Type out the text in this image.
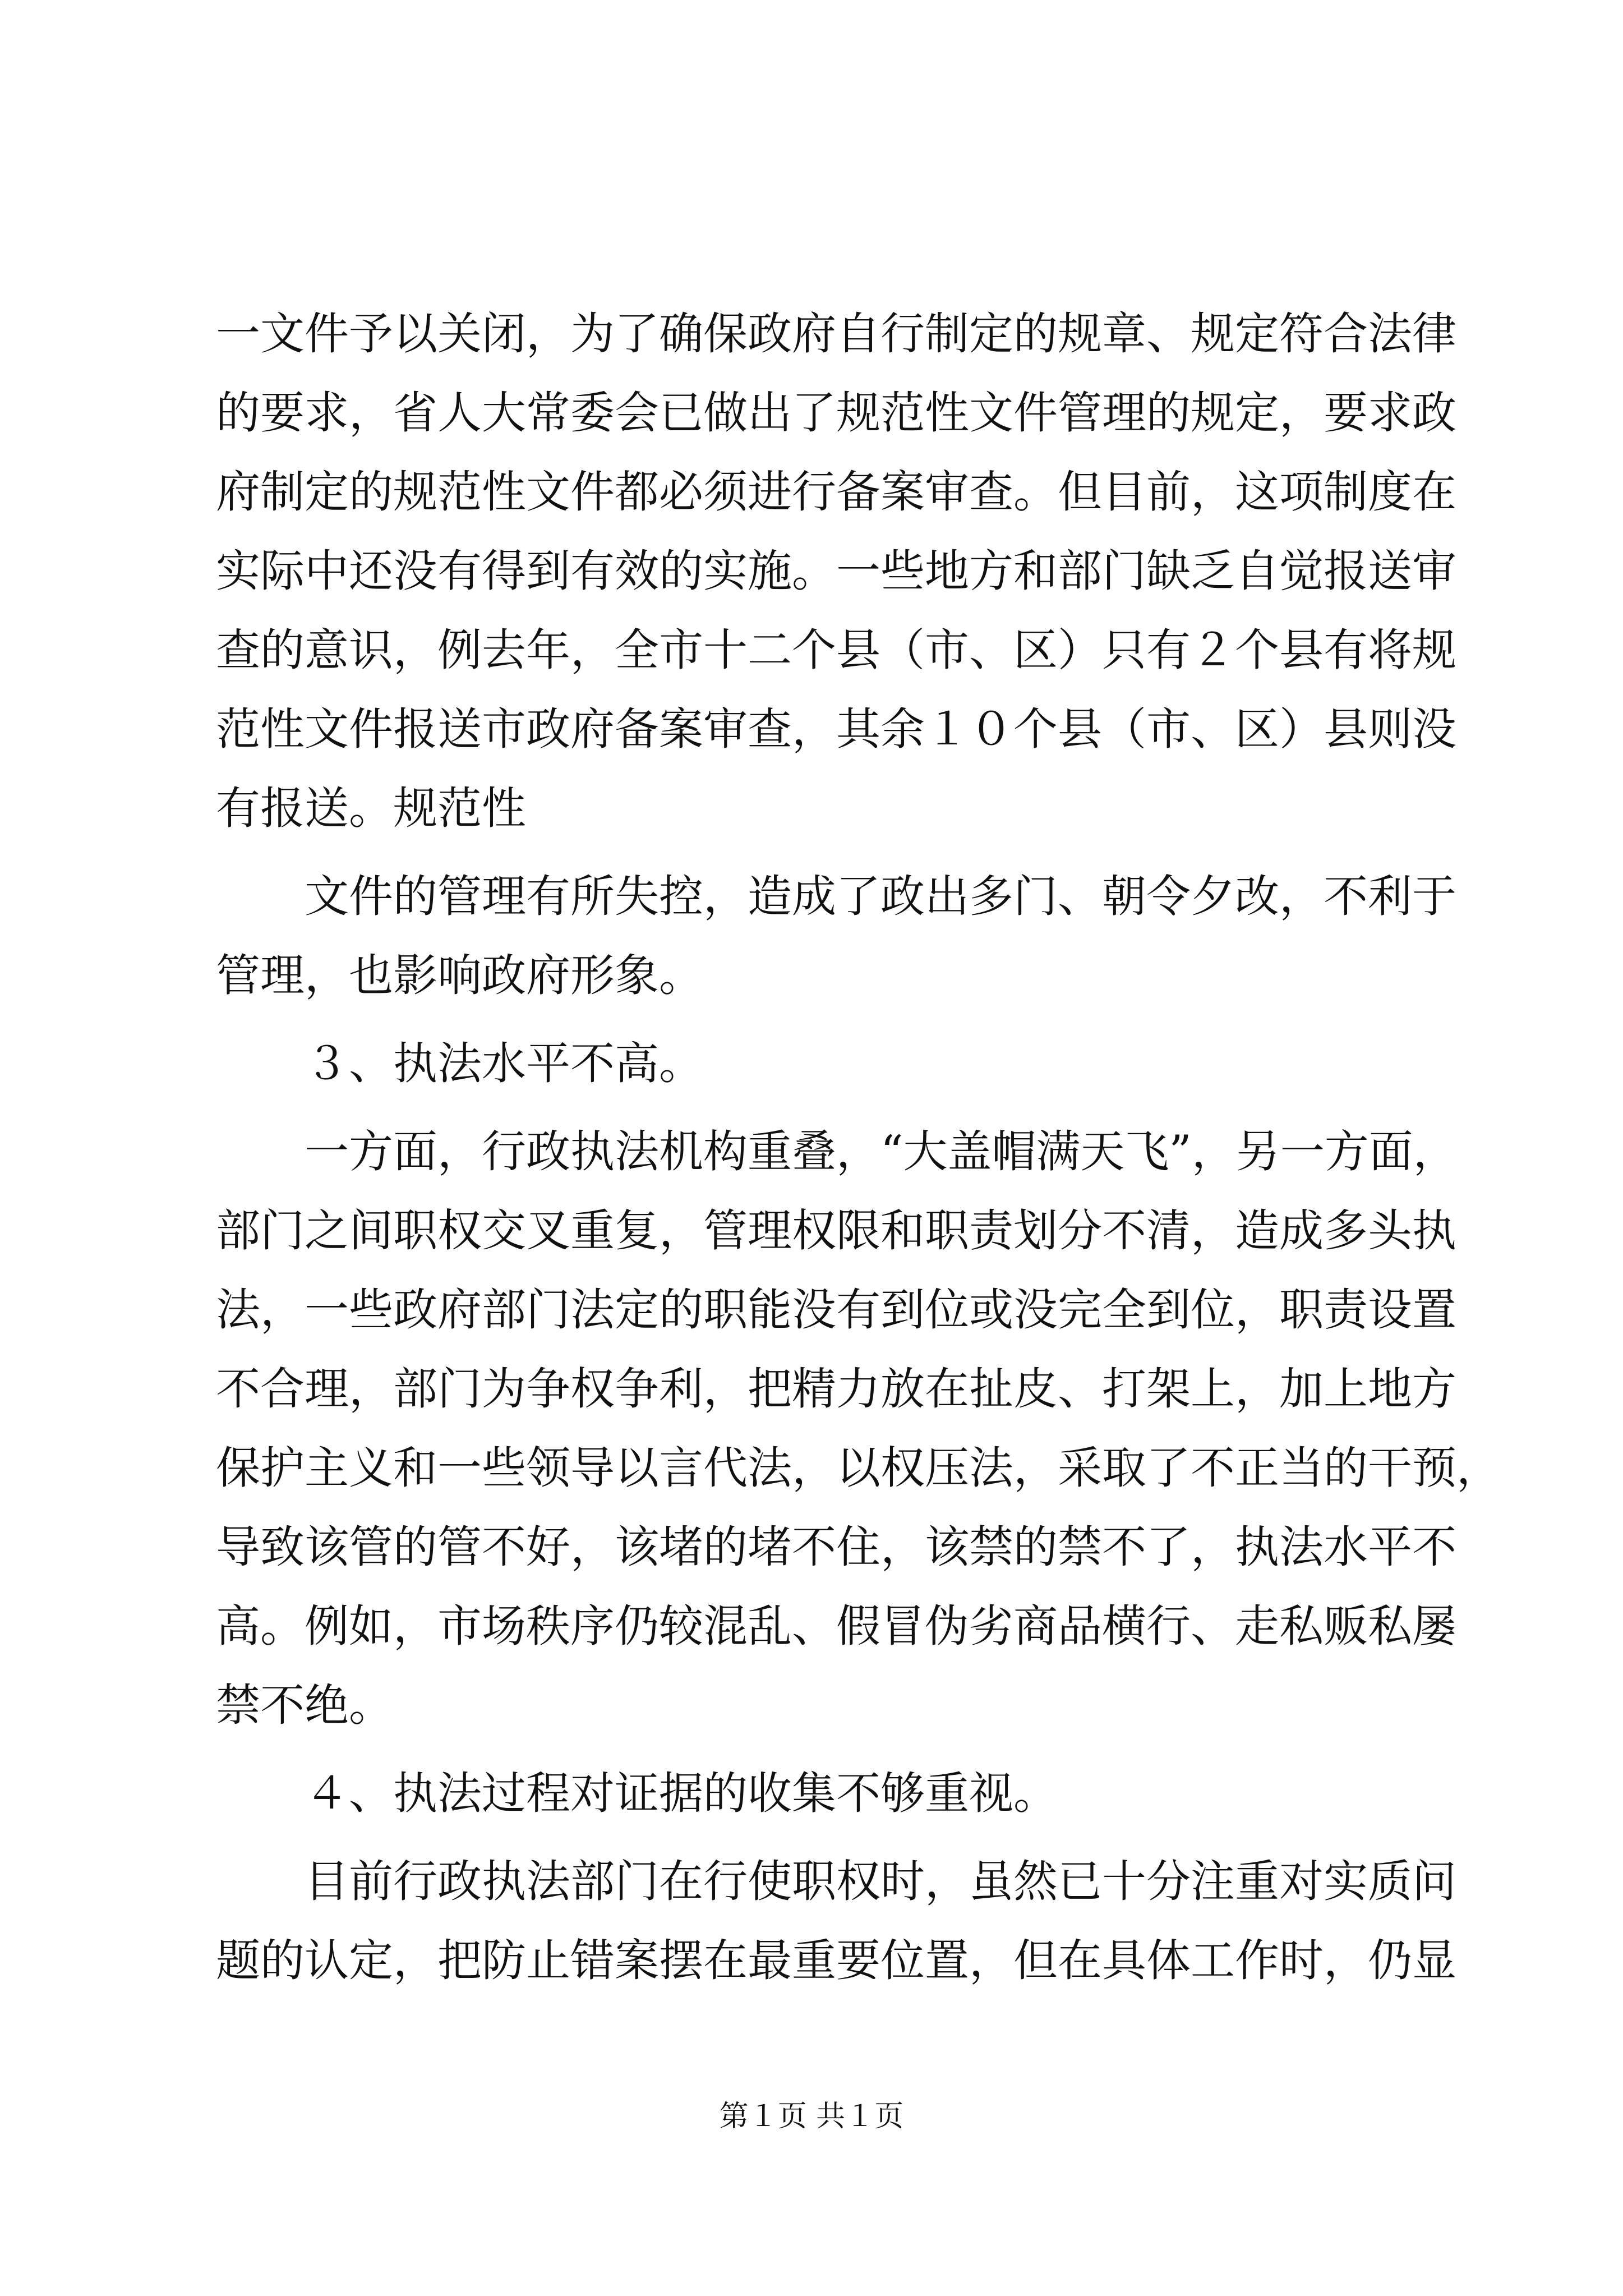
一文件予以关闭，为了确保政府自行制定的规章、规定符合法律
的要求，省人大常委会已做出了规范性文件管理的规定，要求政
府制定的规范性文件都必须进行备案审查。但目前，这项制度在
实际中还没有得到有效的实施。一些地方和部门缺乏自觉报送审
查的意识，例去年，全市十二个县（市、区）只有２个县有将规
范性文件报送市政府备案审查，其余１０个县（市、区）县则没
有报送。规范性

　　文件的管理有所失控，造成了政出多门、朝令夕改，不利于
管理，也影响政府形象。

　　３、执法水平不高。

　　一方面，行政执法机构重叠，“大盖帽满天飞”，另一方面，
部门之间职权交叉重复，管理权限和职责划分不清，造成多头执
法，一些政府部门法定的职能没有到位或没完全到位，职责设置
不合理，部门为争权争利，把精力放在扯皮、打架上，加上地方
保护主义和一些领导以言代法，以权压法，采取了不正当的干预，
导致该管的管不好，该堵的堵不住，该禁的禁不了，执法水平不
高。例如，市场秩序仍较混乱、假冒伪劣商品横行、走私贩私屡
禁不绝。

　　４、执法过程对证据的收集不够重视。

　　目前行政执法部门在行使职权时，虽然已十分注重对实质问
题的认定，把防止错案摆在最重要位置，但在具体工作时，仍显

第１页 共１页
